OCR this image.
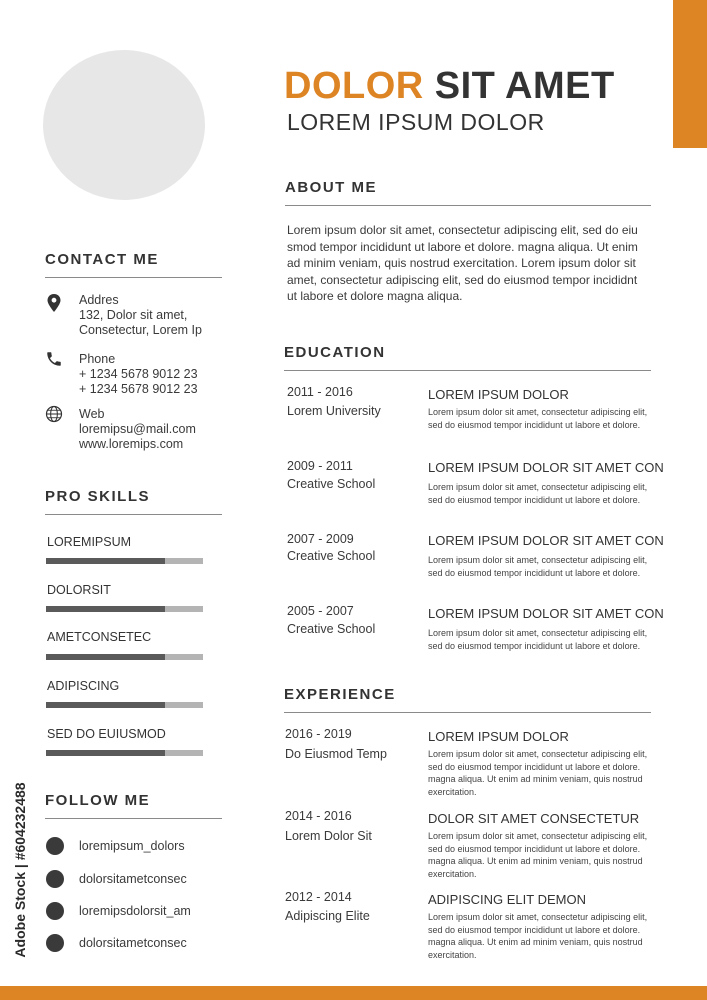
DOLOR SIT AMET
LOREM IPSUM DOLOR
ABOUT ME
Lorem ipsum dolor sit amet, consectetur adipiscing elit, sed do eiu
smod tempor incididunt ut labore et dolore. magna aliqua. Ut enim
ad minim veniam, quis nostrud exercitation. Lorem ipsum dolor sit
amet, consectetur adipiscing elit, sed do eiusmod tempor incididnt
ut labore et dolore magna aliqua.
EDUCATION
2011 - 2016
Lorem University
LOREM IPSUM DOLOR
Lorem ipsum dolor sit amet, consectetur adipiscing elit,
sed do eiusmod tempor incididunt ut labore et dolore.
2009 - 2011
Creative School
LOREM IPSUM DOLOR SIT AMET CON
Lorem ipsum dolor sit amet, consectetur adipiscing elit,
sed do eiusmod tempor incididunt ut labore et dolore.
2007 - 2009
Creative School
LOREM IPSUM DOLOR SIT AMET CON
Lorem ipsum dolor sit amet, consectetur adipiscing elit,
sed do eiusmod tempor incididunt ut labore et dolore.
2005 - 2007
Creative School
LOREM IPSUM DOLOR SIT AMET CON
Lorem ipsum dolor sit amet, consectetur adipiscing elit,
sed do eiusmod tempor incididunt ut labore et dolore.
EXPERIENCE
2016 - 2019
Do Eiusmod Temp
LOREM IPSUM DOLOR
Lorem ipsum dolor sit amet, consectetur adipiscing elit,
sed do eiusmod tempor incididunt ut labore et dolore.
magna aliqua. Ut enim ad minim veniam, quis nostrud
exercitation.
2014 - 2016
Lorem Dolor Sit
DOLOR SIT AMET CONSECTETUR
Lorem ipsum dolor sit amet, consectetur adipiscing elit,
sed do eiusmod tempor incididunt ut labore et dolore.
magna aliqua. Ut enim ad minim veniam, quis nostrud
exercitation.
2012 - 2014
Adipiscing Elite
ADIPISCING ELIT DEMON
Lorem ipsum dolor sit amet, consectetur adipiscing elit,
sed do eiusmod tempor incididunt ut labore et dolore.
magna aliqua. Ut enim ad minim veniam, quis nostrud
exercitation.
CONTACT ME
Addres
132, Dolor sit amet,
Consetectur, Lorem Ip
Phone
+ 1234 5678 9012 23
+ 1234 5678 9012 23
Web
loremipsu@mail.com
www.loremips.com
PRO SKILLS
LOREMIPSUM
DOLORSIT
AMETCONSETEC
ADIPISCING
SED DO EUIUSMOD
FOLLOW ME
loremipsum_dolors
dolorsitametconsec
loremipsdolorsit_am
dolorsitametconsec
Adobe Stock | #604232488
